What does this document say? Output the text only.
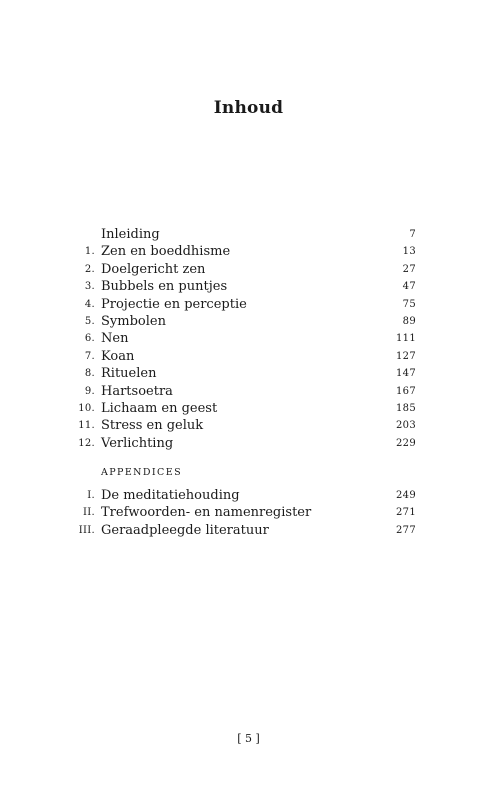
Inhoud
Inleiding	7
1. Zen en boeddhisme	13
2. Doelgericht zen	27
3. Bubbels en puntjes	47
4. Projectie en perceptie	75
5. Symbolen	89
6. Nen	111
7. Koan	127
8. Rituelen	147
9. Hartsoetra	167
10. Lichaam en geest	185
11. Stress en geluk	203
12. Verlichting	229
APPENDICES
I. De meditatiehouding	249
II. Trefwoorden- en namenregister	271
III. Geraadpleegde literatuur	277
[ 5 ]
